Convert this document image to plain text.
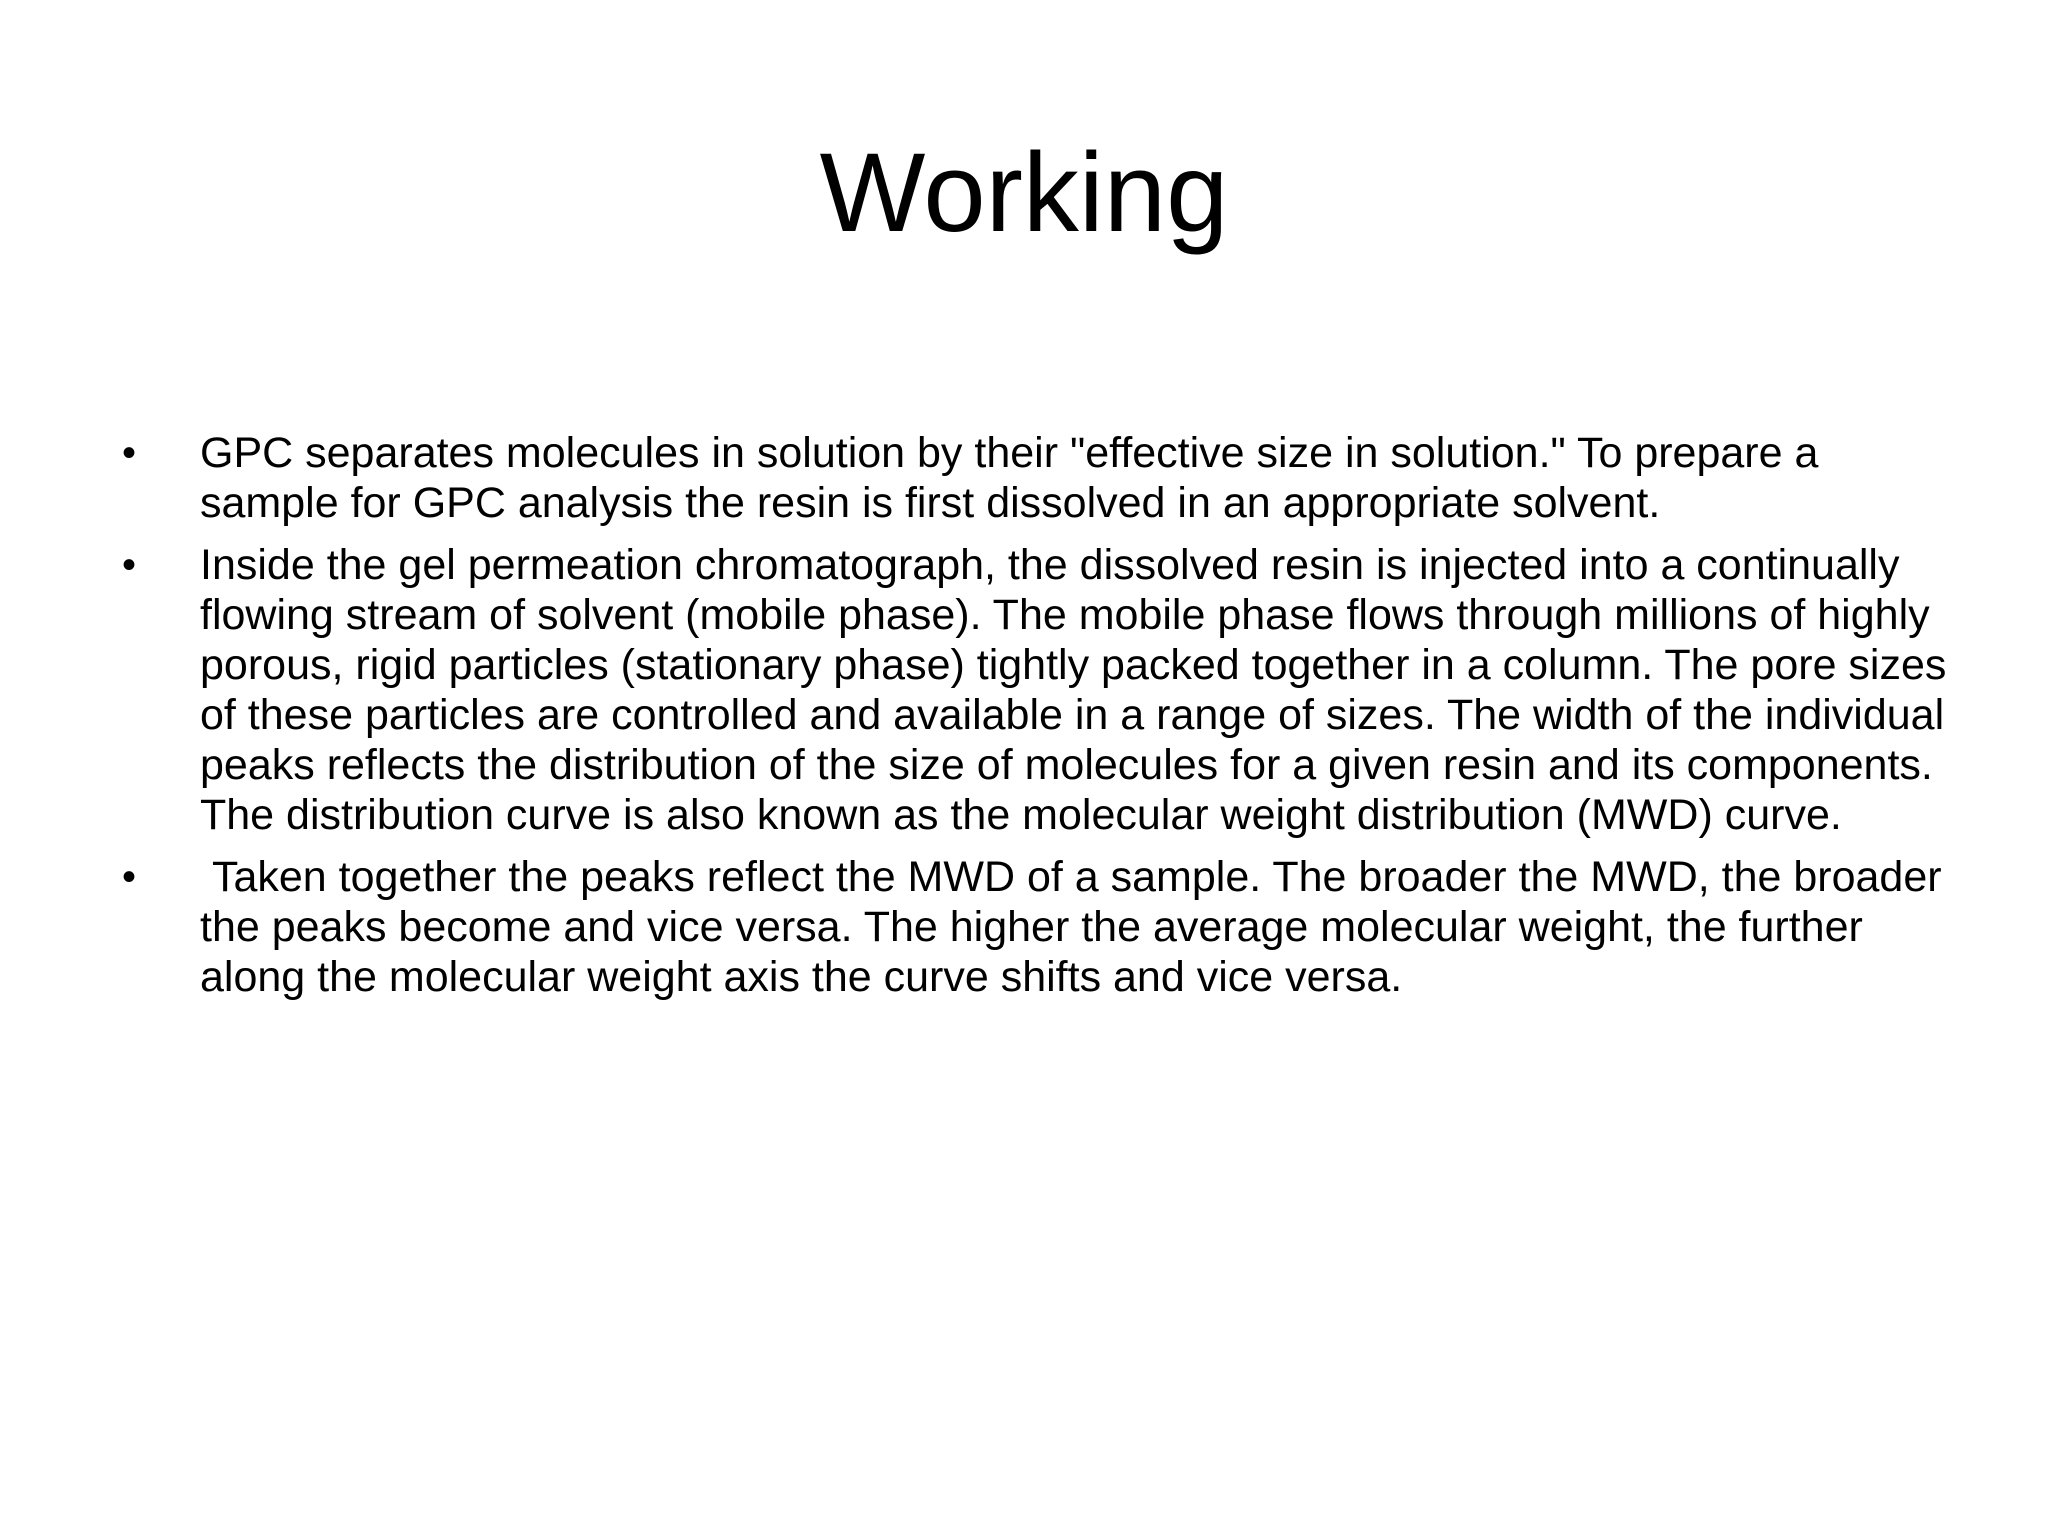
Working
•	GPC separates molecules in solution by their "effective size in solution." To prepare a sample for GPC analysis the resin is first dissolved in an appropriate solvent.
•	Inside the gel permeation chromatograph, the dissolved resin is injected into a continually flowing stream of solvent (mobile phase). The mobile phase flows through millions of highly porous, rigid particles (stationary phase) tightly packed together in a column. The pore sizes of these particles are controlled and available in a range of sizes. The width of the individual peaks reflects the distribution of the size of molecules for a given resin and its components. The distribution curve is also known as the molecular weight distribution (MWD) curve.
•	Taken together the peaks reflect the MWD of a sample. The broader the MWD, the broader the peaks become and vice versa. The higher the average molecular weight, the further along the molecular weight axis the curve shifts and vice versa.
